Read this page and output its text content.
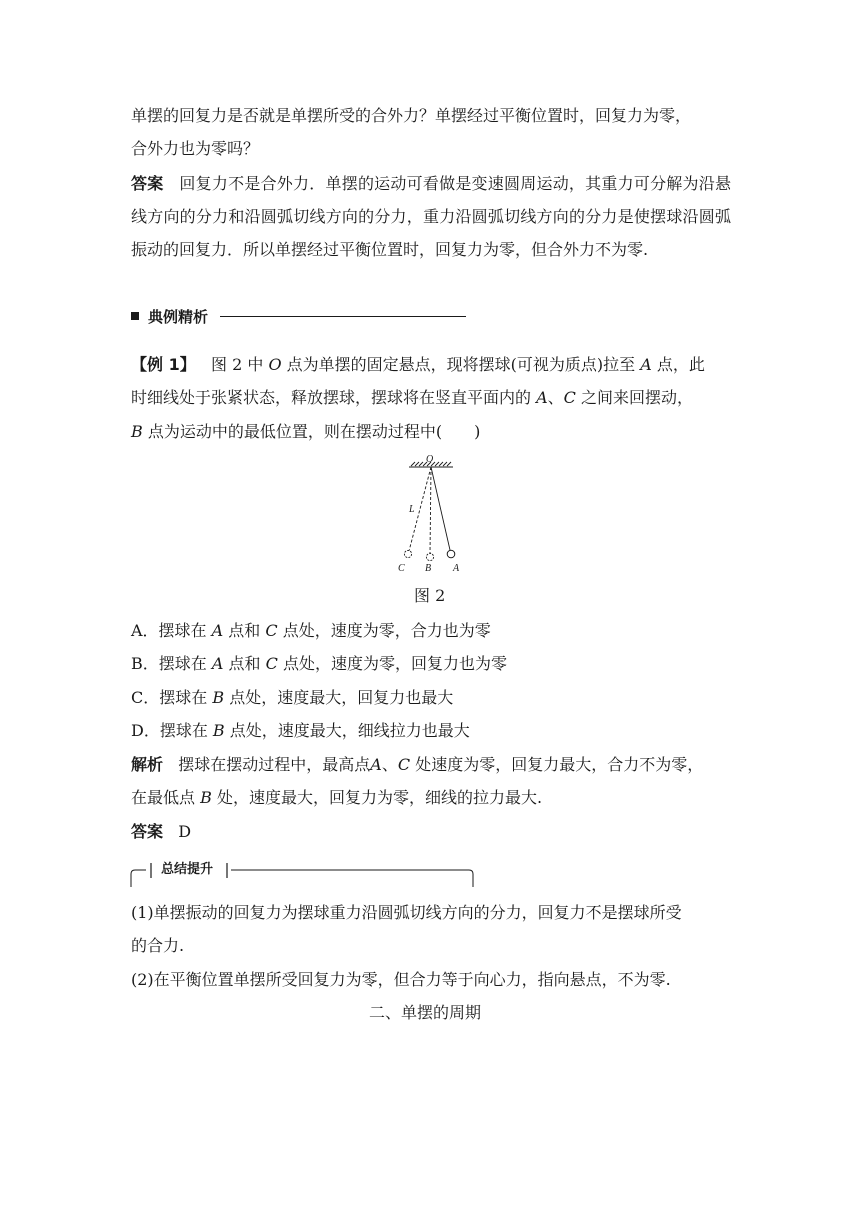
单摆的回复力是否就是单摆所受的合外力？单摆经过平衡位置时，回复力为零，
合外力也为零吗？
答案 回复力不是合外力．单摆的运动可看做是变速圆周运动，其重力可分解为沿悬线方向的分力和沿圆弧切线方向的分力，重力沿圆弧切线方向的分力是使摆球沿圆弧振动的回复力．所以单摆经过平衡位置时，回复力为零，但合外力不为零.
典例精析
【例 1】 图 2 中 O 点为单摆的固定悬点，现将摆球(可视为质点)拉至 A 点，此
时细线处于张紧状态，释放摆球，摆球将在竖直平面内的 A、C 之间来回摆动，
B 点为运动中的最低位置，则在摆动过程中(　　)
O
L
C B A
图 2
A．摆球在 A 点和 C 点处，速度为零，合力也为零
B．摆球在 A 点和 C 点处，速度为零，回复力也为零
C．摆球在 B 点处，速度最大，回复力也最大
D．摆球在 B 点处，速度最大，细线拉力也最大
解析 摆球在摆动过程中，最高点A、C 处速度为零，回复力最大，合力不为零，
在最低点 B 处，速度最大，回复力为零，细线的拉力最大.
答案 D
总结提升
(1)单摆振动的回复力为摆球重力沿圆弧切线方向的分力，回复力不是摆球所受
的合力.
(2)在平衡位置单摆所受回复力为零，但合力等于向心力，指向悬点，不为零.
二、单摆的周期
